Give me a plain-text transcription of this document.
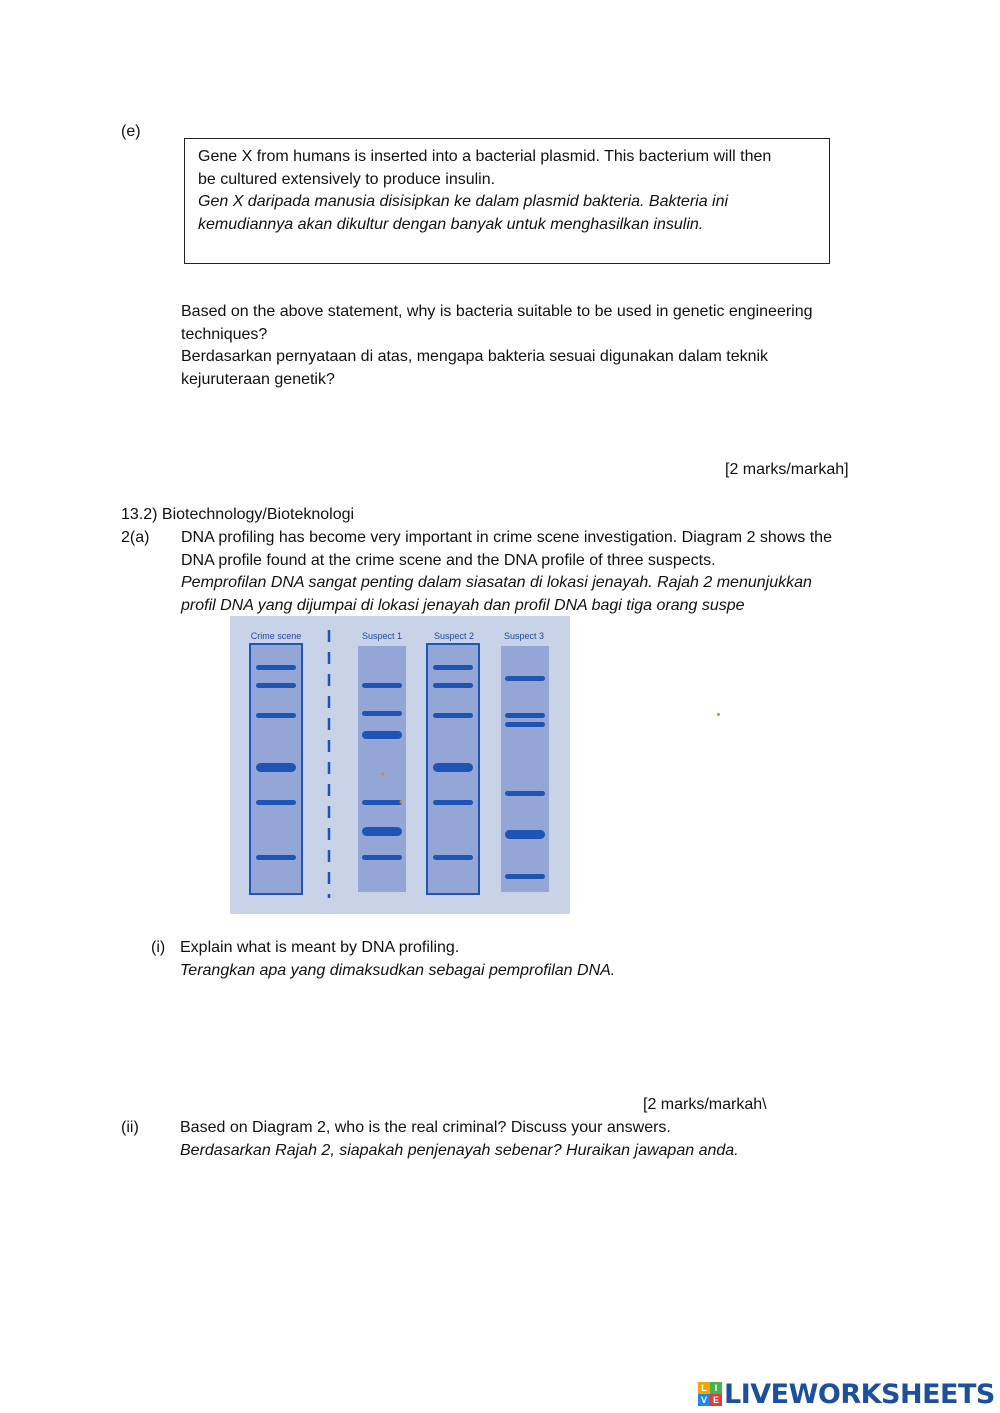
(e)
Gene X from humans is inserted into a bacterial plasmid. This bacterium will then
be cultured extensively to produce insulin.
Gen X daripada manusia disisipkan ke dalam plasmid bakteria. Bakteria ini
kemudiannya akan dikultur dengan banyak untuk menghasilkan insulin.
Based on the above statement, why is bacteria suitable to be used in genetic engineering
techniques?
Berdasarkan pernyataan di atas, mengapa bakteria sesuai digunakan dalam teknik
kejuruteraan genetik?
[2 marks/markah]
13.2) Biotechnology/Bioteknologi
2(a) DNA profiling has become very important in crime scene investigation. Diagram 2 shows the
DNA profile found at the crime scene and the DNA profile of three suspects.
Pemprofilan DNA sangat penting dalam siasatan di lokasi jenayah. Rajah 2 menunjukkan
profil DNA yang dijumpai di lokasi jenayah dan profil DNA bagi tiga orang suspe
Crime scene	Suspect 1	Suspect 2	Suspect 3
(i) Explain what is meant by DNA profiling.
Terangkan apa yang dimaksudkan sebagai pemprofilan DNA.
[2 marks/markah\
(ii)	Based on Diagram 2, who is the real criminal? Discuss your answers.
Berdasarkan Rajah 2, siapakah penjenayah sebenar? Huraikan jawapan anda.
L I
V E LIVEWORKSHEETS
